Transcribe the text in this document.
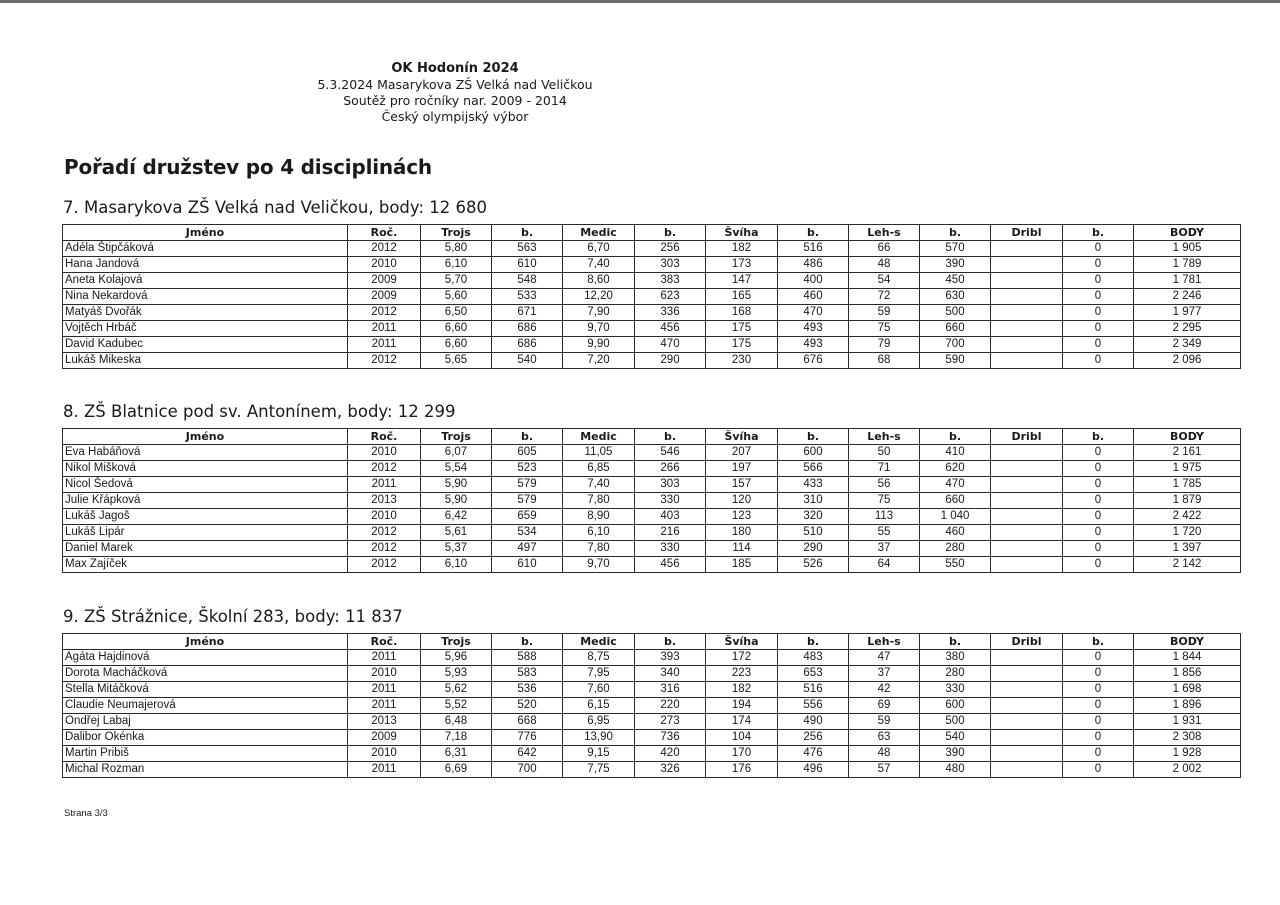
OK Hodonín 2024
5.3.2024 Masarykova ZŠ Velká nad Veličkou
Soutěž pro ročníky nar. 2009 - 2014
Český olympijský výbor
Pořadí družstev po 4 disciplinách
7. Masarykova ZŠ Velká nad Veličkou, body: 12 680
Jméno	Roč.	Trojs	b.	Medic	b.	Švíha	b.	Leh-s	b.	Dribl	b.	BODY
Adéla Štipčáková	2012	5,80	563	6,70	256	182	516	66	570		0	1 905
Hana Jandová	2010	6,10	610	7,40	303	173	486	48	390		0	1 789
Aneta Kolajová	2009	5,70	548	8,60	383	147	400	54	450		0	1 781
Nina Nekardová	2009	5,60	533	12,20	623	165	460	72	630		0	2 246
Matyáš Dvořák	2012	6,50	671	7,90	336	168	470	59	500		0	1 977
Vojtěch Hrbáč	2011	6,60	686	9,70	456	175	493	75	660		0	2 295
David Kadubec	2011	6,60	686	9,90	470	175	493	79	700		0	2 349
Lukáš Mikeska	2012	5,65	540	7,20	290	230	676	68	590		0	2 096
8. ZŠ Blatnice pod sv. Antonínem, body: 12 299
Jméno	Roč.	Trojs	b.	Medic	b.	Švíha	b.	Leh-s	b.	Dribl	b.	BODY
Eva Habáňová	2010	6,07	605	11,05	546	207	600	50	410		0	2 161
Nikol Mišková	2012	5,54	523	6,85	266	197	566	71	620		0	1 975
Nicol Šedová	2011	5,90	579	7,40	303	157	433	56	470		0	1 785
Julie Křápková	2013	5,90	579	7,80	330	120	310	75	660		0	1 879
Lukáš Jagoš	2010	6,42	659	8,90	403	123	320	113	1 040		0	2 422
Lukáš Lipár	2012	5,61	534	6,10	216	180	510	55	460		0	1 720
Daniel Marek	2012	5,37	497	7,80	330	114	290	37	280		0	1 397
Max Zajíček	2012	6,10	610	9,70	456	185	526	64	550		0	2 142
9. ZŠ Strážnice, Školní 283, body: 11 837
Jméno	Roč.	Trojs	b.	Medic	b.	Švíha	b.	Leh-s	b.	Dribl	b.	BODY
Agáta Hajdinová	2011	5,96	588	8,75	393	172	483	47	380		0	1 844
Dorota Macháčková	2010	5,93	583	7,95	340	223	653	37	280		0	1 856
Stella Mitáčková	2011	5,62	536	7,60	316	182	516	42	330		0	1 698
Claudie Neumajerová	2011	5,52	520	6,15	220	194	556	69	600		0	1 896
Ondřej Labaj	2013	6,48	668	6,95	273	174	490	59	500		0	1 931
Dalibor Okénka	2009	7,18	776	13,90	736	104	256	63	540		0	2 308
Martin Pribiš	2010	6,31	642	9,15	420	170	476	48	390		0	1 928
Michal Rozman	2011	6,69	700	7,75	326	176	496	57	480		0	2 002
Strana 3/3
